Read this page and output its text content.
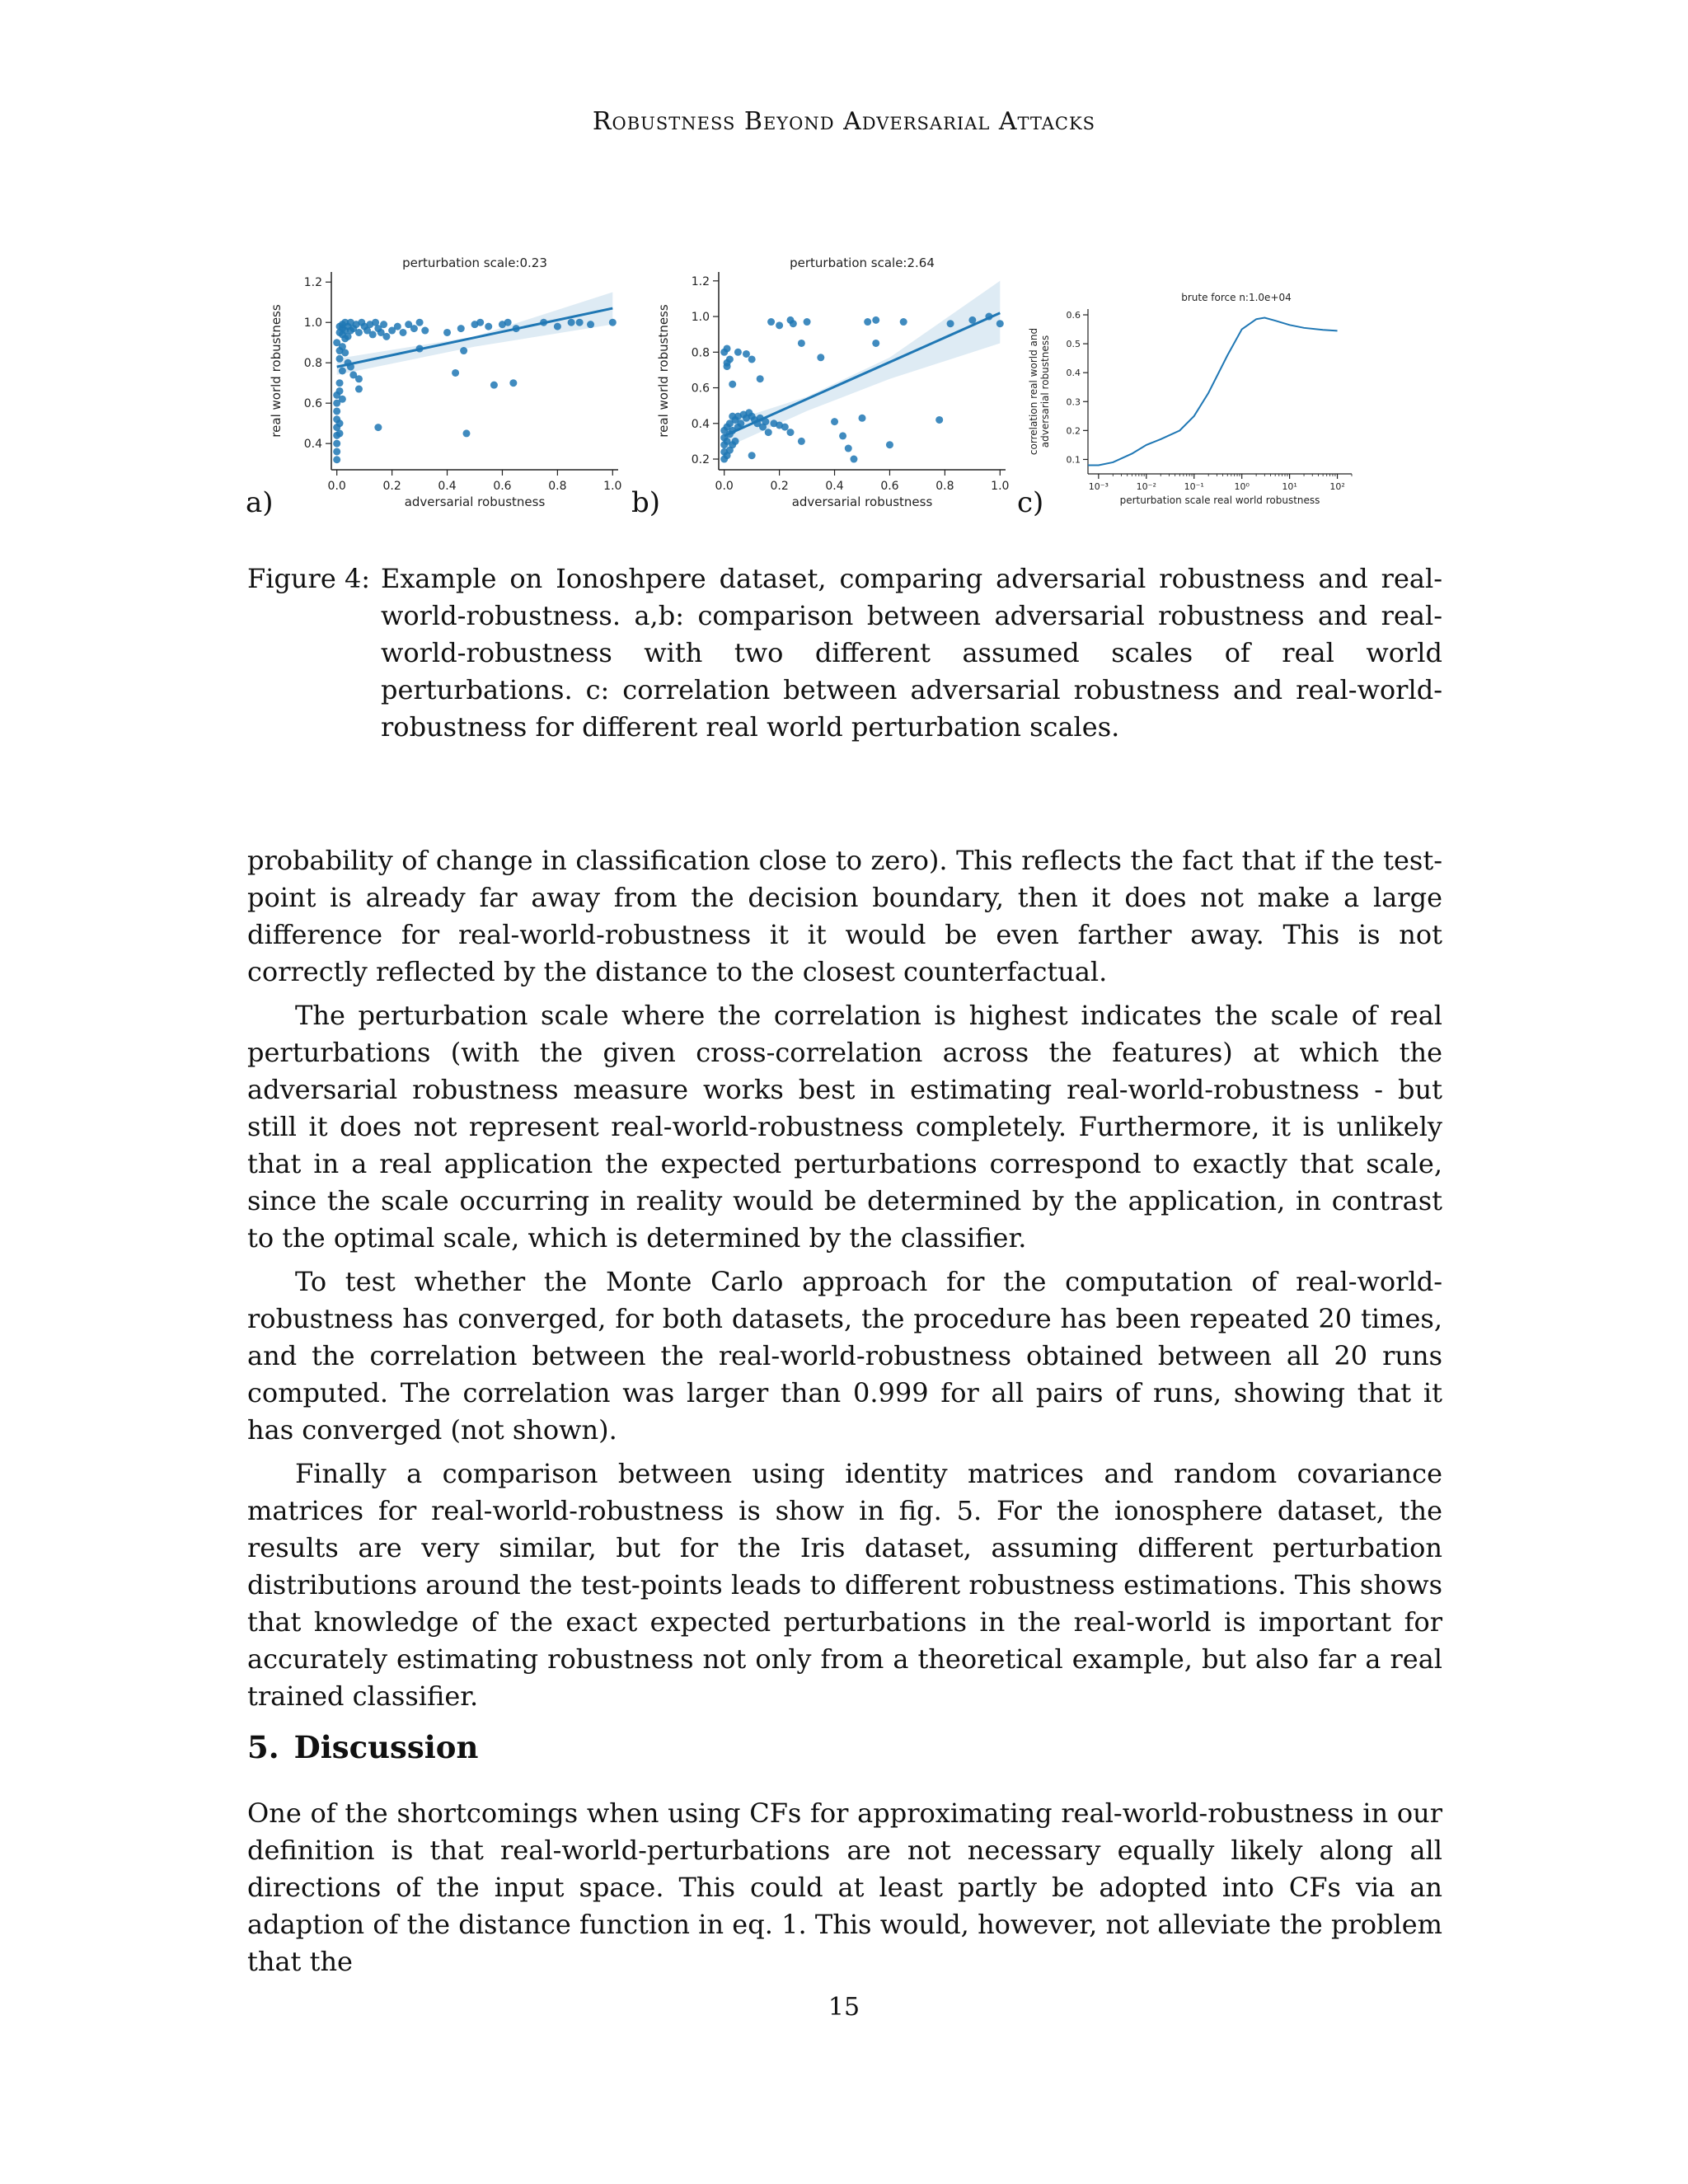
Robustness Beyond Adversarial Attacks
perturbation scale:0.23
0.0	0.2	0.4	0.6	0.8	1.0
0.4
0.6
0.8
1.0
1.2
adversarial robustness
real world robustness
a)
perturbation scale:2.64
0.0	0.2	0.4	0.6	0.8	1.0
0.2
0.4
0.6
0.8
1.0
1.2
adversarial robustness
real world robustness
b)
brute force n:1.0e+04
10⁻³	10⁻²	10⁻¹	10⁰	10¹	10²
0.1
0.2
0.3
0.4
0.5
0.6
perturbation scale real world robustness
correlation real world and adversarial robustness
c)
Figure 4: Example on Ionoshpere dataset, comparing adversarial robustness and real-world-robustness. a,b: comparison between adversarial robustness and real-world-robustness with two different assumed scales of real world perturbations. c: correlation between adversarial robustness and real-world-robustness for different real world perturbation scales.

probability of change in classification close to zero). This reflects the fact that if the test-point is already far away from the decision boundary, then it does not make a large difference for real-world-robustness it it would be even farther away. This is not correctly reflected by the distance to the closest counterfactual.

The perturbation scale where the correlation is highest indicates the scale of real perturbations (with the given cross-correlation across the features) at which the adversarial robustness measure works best in estimating real-world-robustness - but still it does not represent real-world-robustness completely. Furthermore, it is unlikely that in a real application the expected perturbations correspond to exactly that scale, since the scale occurring in reality would be determined by the application, in contrast to the optimal scale, which is determined by the classifier.

To test whether the Monte Carlo approach for the computation of real-world-robustness has converged, for both datasets, the procedure has been repeated 20 times, and the correlation between the real-world-robustness obtained between all 20 runs computed. The correlation was larger than 0.999 for all pairs of runs, showing that it has converged (not shown).

Finally a comparison between using identity matrices and random covariance matrices for real-world-robustness is show in fig. 5. For the ionosphere dataset, the results are very similar, but for the Iris dataset, assuming different perturbation distributions around the test-points leads to different robustness estimations. This shows that knowledge of the exact expected perturbations in the real-world is important for accurately estimating robustness not only from a theoretical example, but also far a real trained classifier.

5. Discussion

One of the shortcomings when using CFs for approximating real-world-robustness in our definition is that real-world-perturbations are not necessary equally likely along all directions of the input space. This could at least partly be adopted into CFs via an adaption of the distance function in eq. 1. This would, however, not alleviate the problem that the

15
